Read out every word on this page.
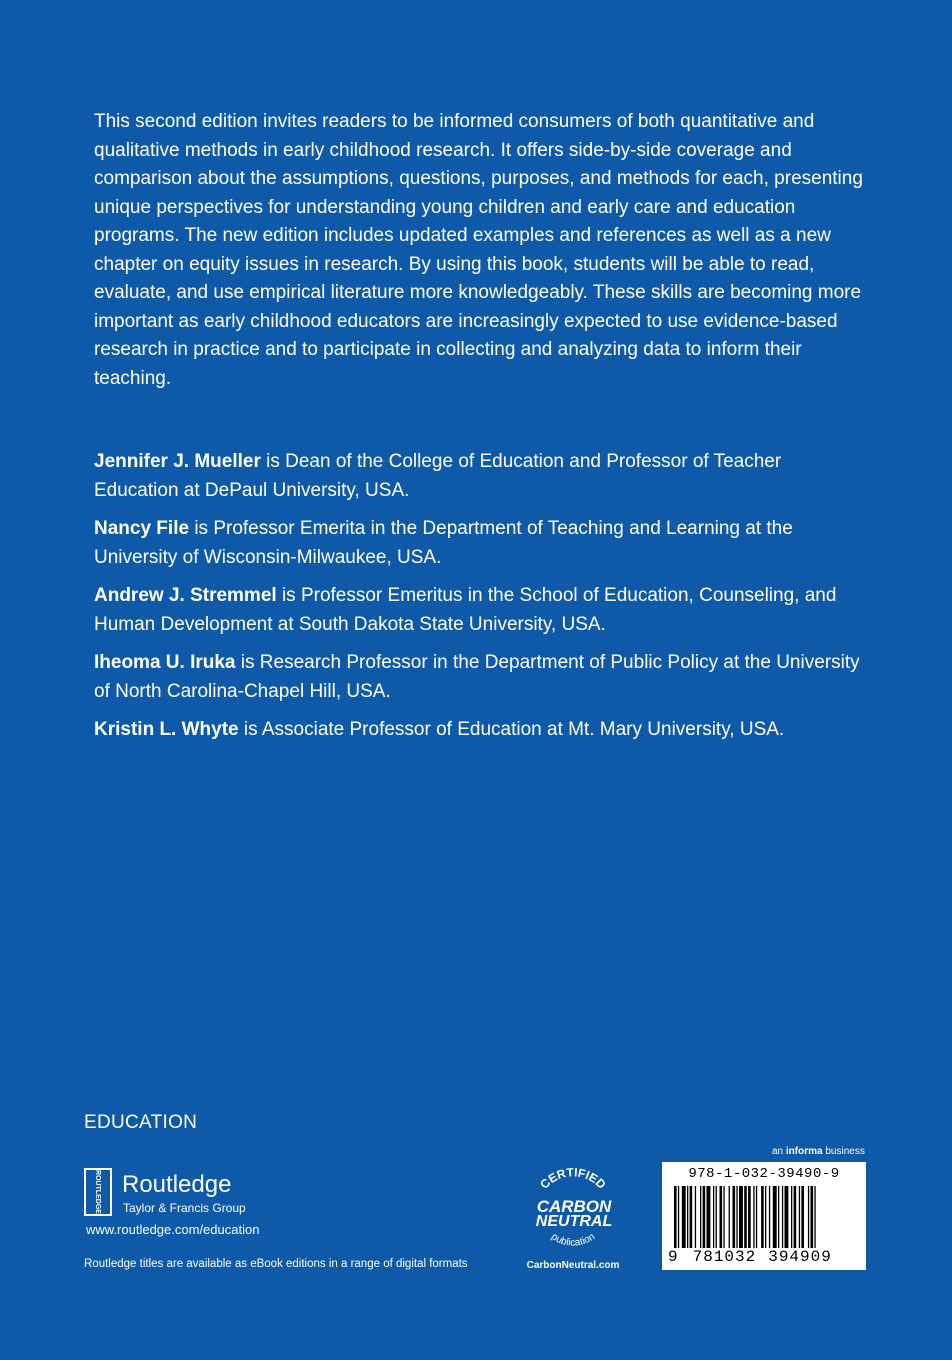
This second edition invites readers to be informed consumers of both quantitative and qualitative methods in early childhood research. It offers side-by-side coverage and comparison about the assumptions, questions, purposes, and methods for each, presenting unique perspectives for understanding young children and early care and education programs. The new edition includes updated examples and references as well as a new chapter on equity issues in research. By using this book, students will be able to read, evaluate, and use empirical literature more knowledgeably. These skills are becoming more important as early childhood educators are increasingly expected to use evidence-based research in practice and to participate in collecting and analyzing data to inform their teaching.

Jennifer J. Mueller is Dean of the College of Education and Professor of Teacher Education at DePaul University, USA.

Nancy File is Professor Emerita in the Department of Teaching and Learning at the University of Wisconsin-Milwaukee, USA.

Andrew J. Stremmel is Professor Emeritus in the School of Education, Counseling, and Human Development at South Dakota State University, USA.

Iheoma U. Iruka is Research Professor in the Department of Public Policy at the University of North Carolina-Chapel Hill, USA.

Kristin L. Whyte is Associate Professor of Education at Mt. Mary University, USA.

EDUCATION
ROUTLEDGE Routledge
Taylor & Francis Group
www.routledge.com/education
Routledge titles are available as eBook editions in a range of digital formats
CERTIFIED
CARBON
NEUTRAL
publication
CarbonNeutral.com
an informa business
978-1-032-39490-9
9 781032 394909
